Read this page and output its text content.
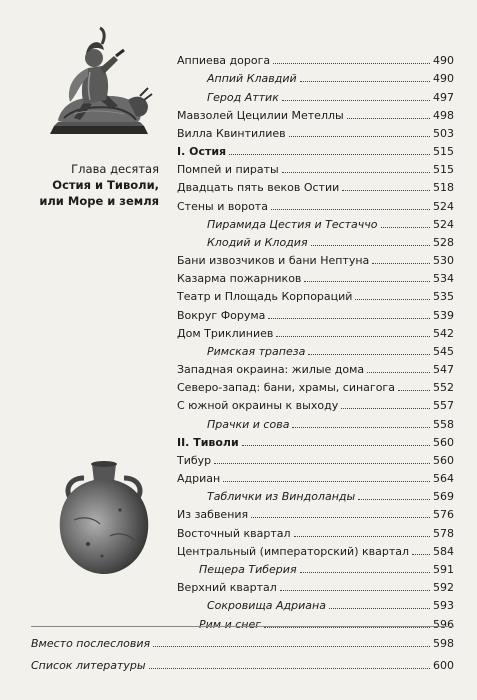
Глава десятая
Остия и Тиволи,
или Море и земля
Аппиева дорога	490
Аппий Клавдий	490
Герод Аттик	497
Мавзолей Цецилии Метеллы	498
Вилла Квинтилиев	503
I. Остия	515
Помпей и пираты	515
Двадцать пять веков Остии	518
Стены и ворота	524
Пирамида Цестия и Тестаччо	524
Клодий и Клодия	528
Бани извозчиков и бани Нептуна	530
Казарма пожарников	534
Театр и Площадь Корпораций	535
Вокруг Форума	539
Дом Триклиниев	542
Римская трапеза	545
Западная окраина: жилые дома	547
Северо-запад: бани, храмы, синагога	552
С южной окраины к выходу	557
Прачки и сова	558
II. Тиволи	560
Тибур	560
Адриан	564
Таблички из Виндоланды	569
Из забвения	576
Восточный квартал	578
Центральный (императорский) квартал 584
Пещера Тиберия	591
Верхний квартал	592
Сокровища Адриана	593
Рим и снег	596
Вместо послесловия	598
Список литературы	600
